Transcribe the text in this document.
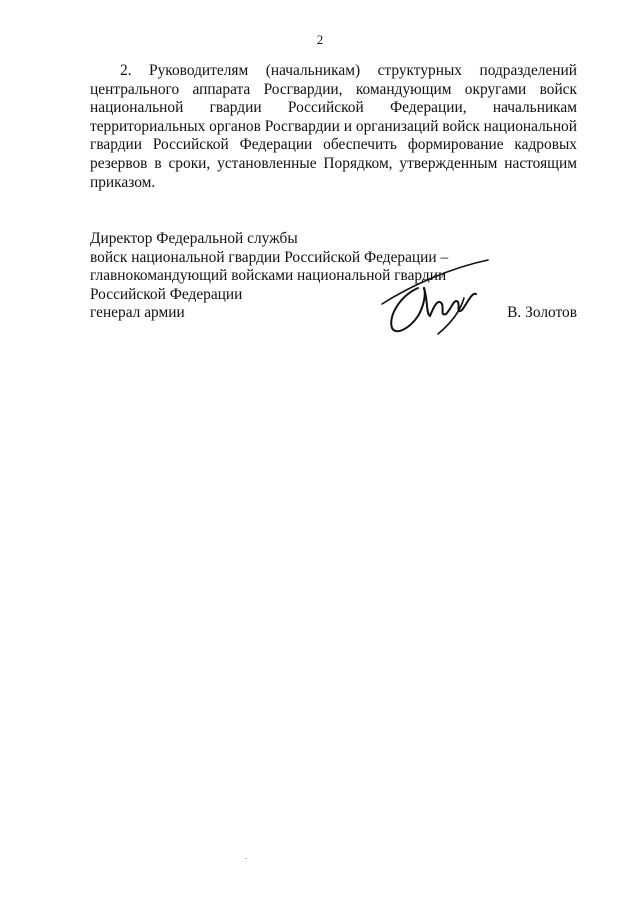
2

2. Руководителям (начальникам) структурных подразделений центрального аппарата Росгвардии, командующим округами войск национальной гвардии Российской Федерации, начальникам территориальных органов Росгвардии и организаций войск национальной гвардии Российской Федерации обеспечить формирование кадровых резервов в сроки, установленные Порядком, утвержденным настоящим приказом.

Директор Федеральной службы
войск национальной гвардии Российской Федерации –
главнокомандующий войсками национальной гвардии
Российской Федерации
генерал армии	В. Золотов
